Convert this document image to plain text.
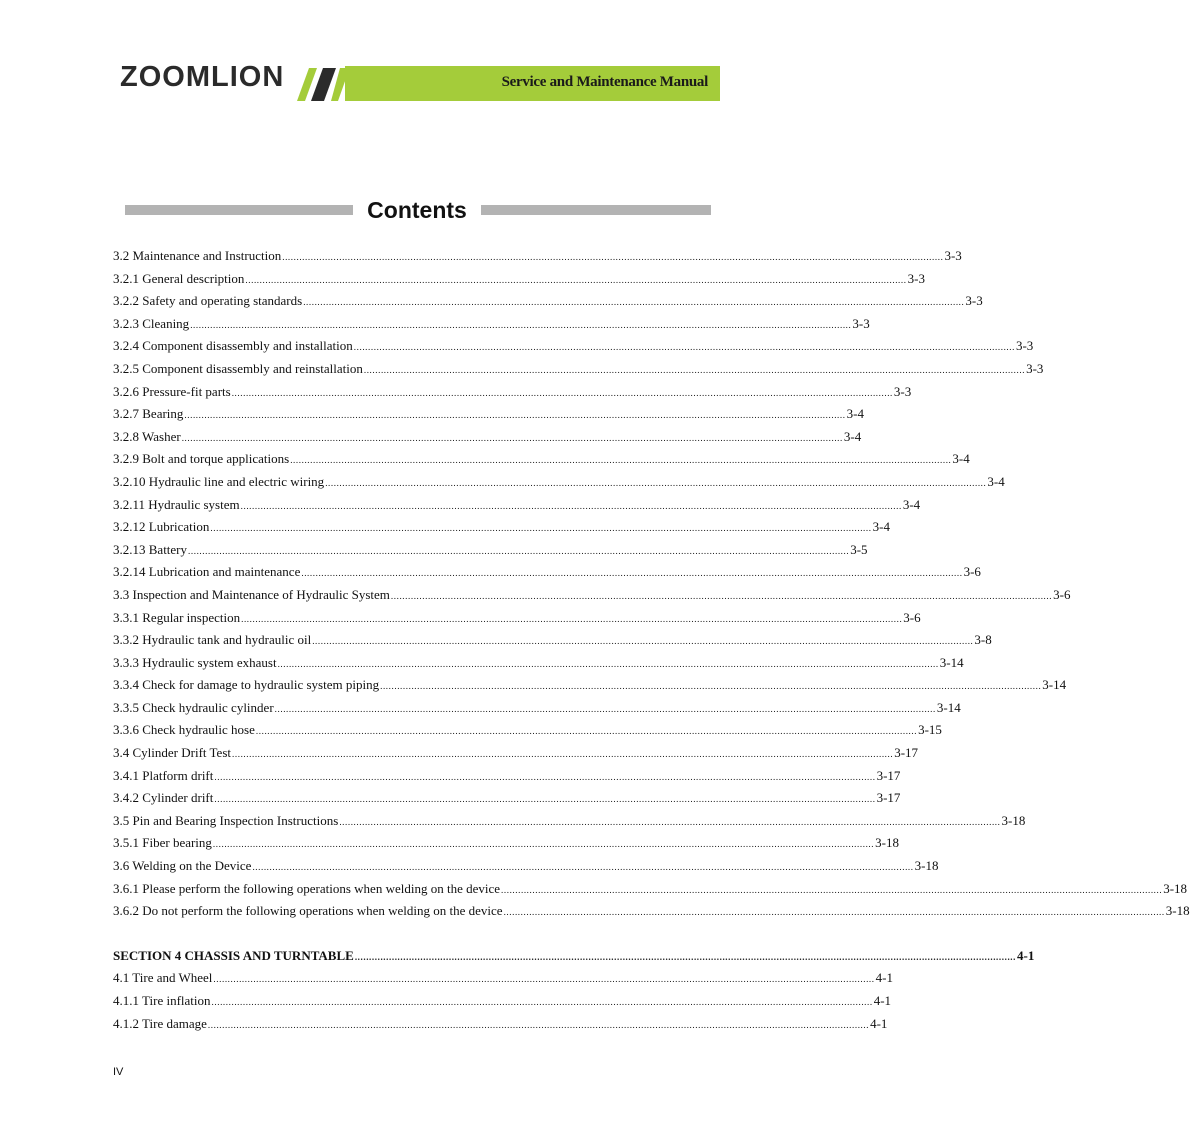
ZOOMLION	Service and Maintenance Manual
Contents
3.2 Maintenance and Instruction ........................................................................................................................................................................................................................................ 3-3
3.2.1 General description ........................................................................................................................................................................................................................................ 3-3
3.2.2 Safety and operating standards ........................................................................................................................................................................................................................................ 3-3
3.2.3 Cleaning ........................................................................................................................................................................................................................................ 3-3
3.2.4 Component disassembly and installation ........................................................................................................................................................................................................................................ 3-3
3.2.5 Component disassembly and reinstallation ........................................................................................................................................................................................................................................ 3-3
3.2.6 Pressure-fit parts ........................................................................................................................................................................................................................................ 3-3
3.2.7 Bearing ........................................................................................................................................................................................................................................ 3-4
3.2.8 Washer ........................................................................................................................................................................................................................................ 3-4
3.2.9 Bolt and torque applications ........................................................................................................................................................................................................................................ 3-4
3.2.10 Hydraulic line and electric wiring ........................................................................................................................................................................................................................................ 3-4
3.2.11 Hydraulic system ........................................................................................................................................................................................................................................ 3-4
3.2.12 Lubrication ........................................................................................................................................................................................................................................ 3-4
3.2.13 Battery ........................................................................................................................................................................................................................................ 3-5
3.2.14 Lubrication and maintenance ........................................................................................................................................................................................................................................ 3-6
3.3 Inspection and Maintenance of Hydraulic System ........................................................................................................................................................................................................................................ 3-6
3.3.1 Regular inspection ........................................................................................................................................................................................................................................ 3-6
3.3.2 Hydraulic tank and hydraulic oil ........................................................................................................................................................................................................................................ 3-8
3.3.3 Hydraulic system exhaust ........................................................................................................................................................................................................................................ 3-14
3.3.4 Check for damage to hydraulic system piping ........................................................................................................................................................................................................................................ 3-14
3.3.5 Check hydraulic cylinder ........................................................................................................................................................................................................................................ 3-14
3.3.6 Check hydraulic hose ........................................................................................................................................................................................................................................ 3-15
3.4 Cylinder Drift Test ........................................................................................................................................................................................................................................ 3-17
3.4.1 Platform drift ........................................................................................................................................................................................................................................ 3-17
3.4.2 Cylinder drift ........................................................................................................................................................................................................................................ 3-17
3.5 Pin and Bearing Inspection Instructions ........................................................................................................................................................................................................................................ 3-18
3.5.1 Fiber bearing ........................................................................................................................................................................................................................................ 3-18
3.6 Welding on the Device ........................................................................................................................................................................................................................................ 3-18
3.6.1 Please perform the following operations when welding on the device ........................................................................................................................................................................................................................................ 3-18
3.6.2 Do not perform the following operations when welding on the device ........................................................................................................................................................................................................................................ 3-18
SECTION 4 CHASSIS AND TURNTABLE ........................................................................................................................................................................................................................................ 4-1
4.1 Tire and Wheel ........................................................................................................................................................................................................................................ 4-1
4.1.1 Tire inflation ........................................................................................................................................................................................................................................ 4-1
4.1.2 Tire damage ........................................................................................................................................................................................................................................ 4-1
IV
